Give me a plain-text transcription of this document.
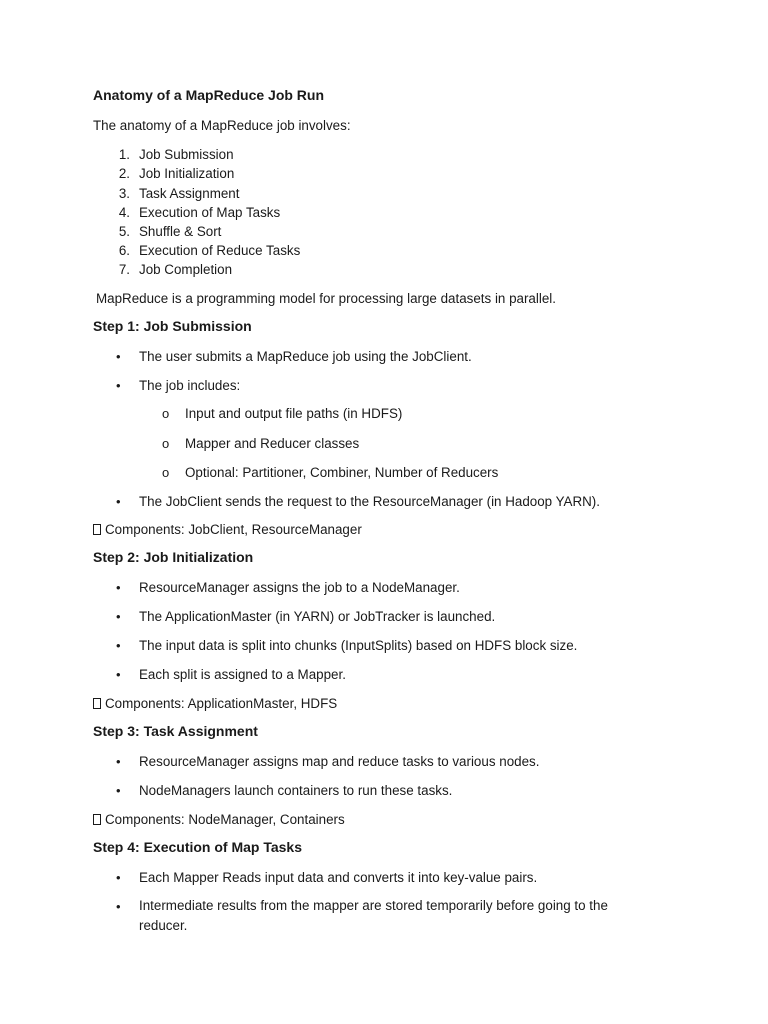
Anatomy of a MapReduce Job Run
The anatomy of a MapReduce job involves:
1. Job Submission
2. Job Initialization
3. Task Assignment
4. Execution of Map Tasks
5. Shuffle & Sort
6. Execution of Reduce Tasks
7. Job Completion
MapReduce is a programming model for processing large datasets in parallel.
Step 1: Job Submission
• The user submits a MapReduce job using the JobClient.
• The job includes:
o Input and output file paths (in HDFS)
o Mapper and Reducer classes
o Optional: Partitioner, Combiner, Number of Reducers
• The JobClient sends the request to the ResourceManager (in Hadoop YARN).
Components: JobClient, ResourceManager
Step 2: Job Initialization
• ResourceManager assigns the job to a NodeManager.
• The ApplicationMaster (in YARN) or JobTracker is launched.
• The input data is split into chunks (InputSplits) based on HDFS block size.
• Each split is assigned to a Mapper.
Components: ApplicationMaster, HDFS
Step 3: Task Assignment
• ResourceManager assigns map and reduce tasks to various nodes.
• NodeManagers launch containers to run these tasks.
Components: NodeManager, Containers
Step 4: Execution of Map Tasks
• Each Mapper Reads input data and converts it into key-value pairs.
• Intermediate results from the mapper are stored temporarily before going to the reducer.
